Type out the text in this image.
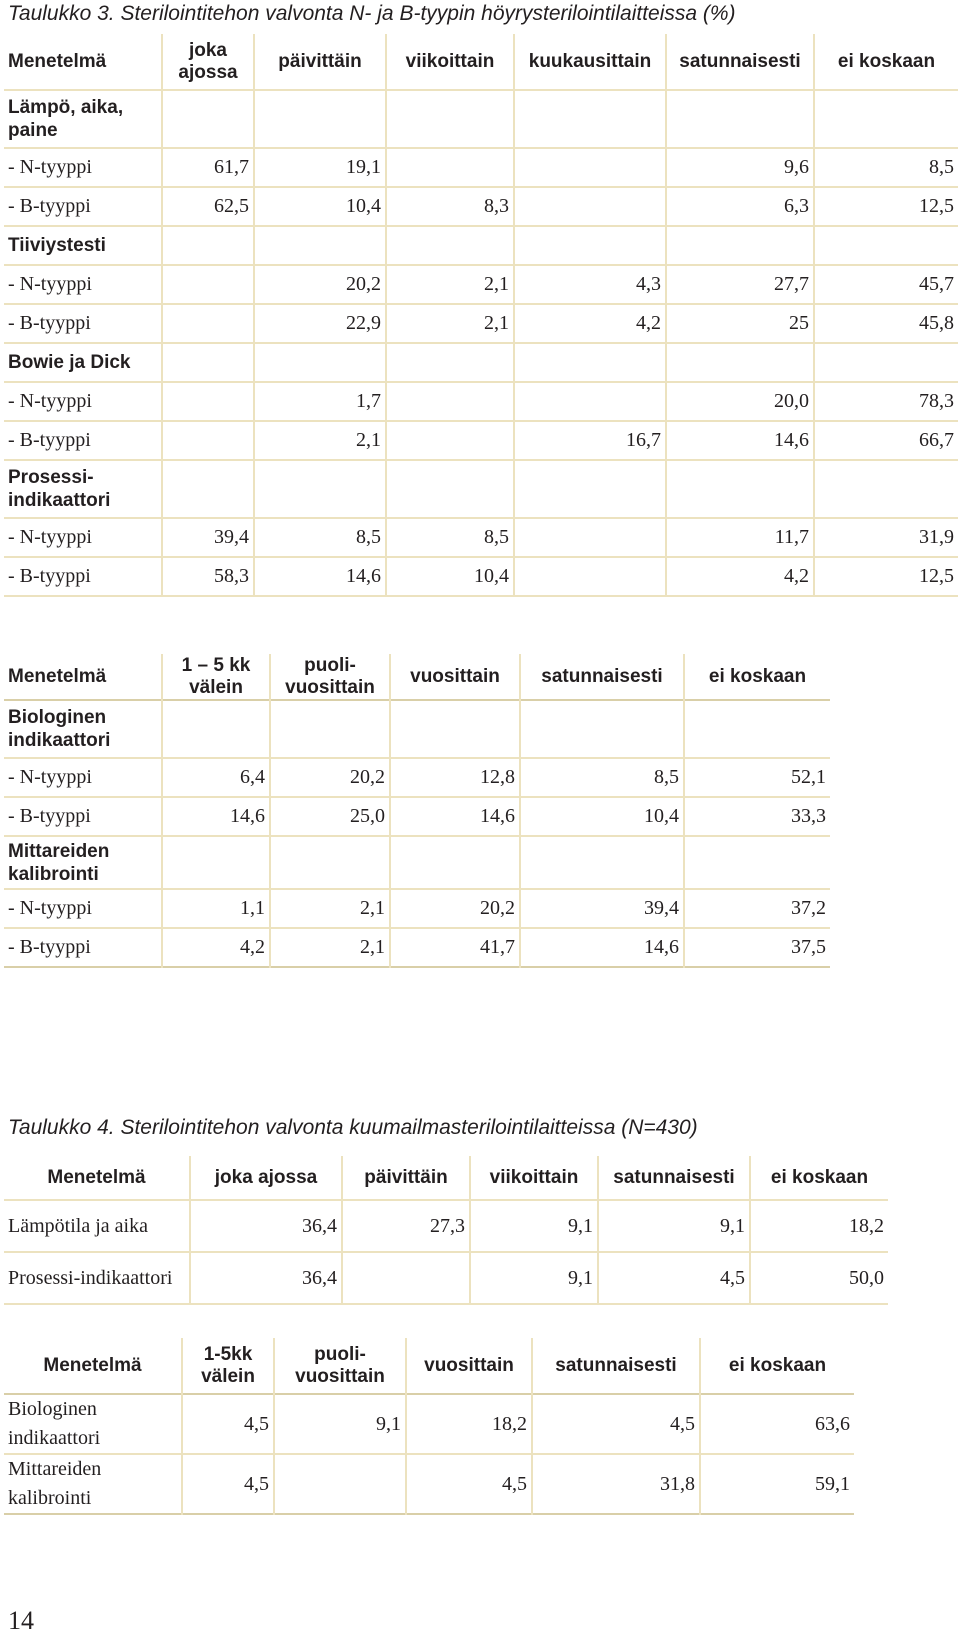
Taulukko 3. Sterilointitehon valvonta N- ja B-tyypin höyrysterilointilaitteissa (%)
Menetelmä	joka ajossa	päivittäin	viikoittain	kuukausittain	satunnaisesti	ei koskaan
Lämpö, aika, paine						
- N-tyyppi	61,7	19,1			9,6	8,5
- B-tyyppi	62,5	10,4	8,3		6,3	12,5
Tiiviystesti						
- N-tyyppi		20,2	2,1	4,3	27,7	45,7
- B-tyyppi		22,9	2,1	4,2	25	45,8
Bowie ja Dick						
- N-tyyppi		1,7			20,0	78,3
- B-tyyppi		2,1		16,7	14,6	66,7
Prosessi-indikaattori						
- N-tyyppi	39,4	8,5	8,5		11,7	31,9
- B-tyyppi	58,3	14,6	10,4		4,2	12,5
Menetelmä	1 – 5 kk välein	puoli-vuosittain	vuosittain	satunnaisesti	ei koskaan
Biologinen indikaattori					
- N-tyyppi	6,4	20,2	12,8	8,5	52,1
- B-tyyppi	14,6	25,0	14,6	10,4	33,3
Mittareiden kalibrointi					
- N-tyyppi	1,1	2,1	20,2	39,4	37,2
- B-tyyppi	4,2	2,1	41,7	14,6	37,5
Taulukko 4. Sterilointitehon valvonta kuumailmasterilointilaitteissa (N=430)
Menetelmä	joka ajossa	päivittäin	viikoittain	satunnaisesti	ei koskaan
Lämpötila ja aika	36,4	27,3	9,1	9,1	18,2
Prosessi-indikaattori	36,4		9,1	4,5	50,0
Menetelmä	1-5kk välein	puoli-vuosittain	vuosittain	satunnaisesti	ei koskaan
Biologinen indikaattori	4,5	9,1	18,2	4,5	63,6
Mittareiden kalibrointi	4,5		4,5	31,8	59,1
14
